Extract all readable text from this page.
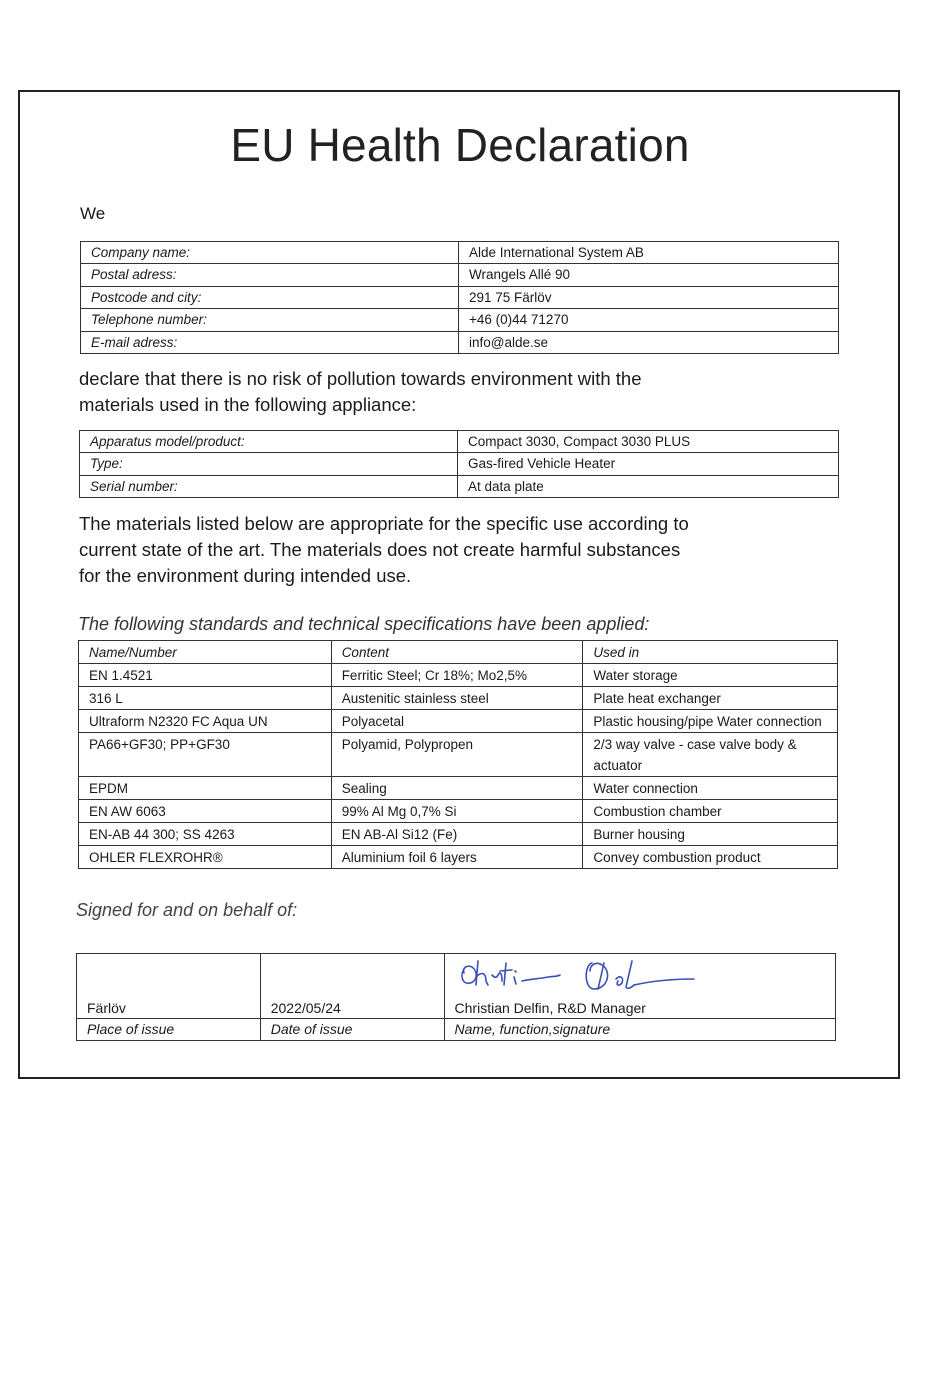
EU Health Declaration
We
Company name:	Alde International System AB
Postal adress:	Wrangels Allé 90
Postcode and city:	291 75 Färlöv
Telephone number:	+46 (0)44 71270
E-mail adress:	info@alde.se
declare that there is no risk of pollution towards environment with the
materials used in the following appliance:
Apparatus model/product:	Compact 3030, Compact 3030 PLUS
Type:	Gas-fired Vehicle Heater
Serial number:	At data plate
The materials listed below are appropriate for the specific use according to
current state of the art. The materials does not create harmful substances
for the environment during intended use.
The following standards and technical specifications have been applied:
Name/Number	Content	Used in
EN 1.4521	Ferritic Steel; Cr 18%; Mo2,5%	Water storage
316 L	Austenitic stainless steel	Plate heat exchanger
Ultraform N2320 FC Aqua UN	Polyacetal	Plastic housing/pipe Water connection
PA66+GF30; PP+GF30	Polyamid, Polypropen	2/3 way valve - case valve body & actuator
EPDM	Sealing	Water connection
EN AW 6063	99% Al Mg 0,7% Si	Combustion chamber
EN-AB 44 300; SS 4263	EN AB-Al Si12 (Fe)	Burner housing
OHLER FLEXROHR®	Aluminium foil 6 layers	Convey combustion product
Signed for and on behalf of:
Färlöv	2022/05/24	Christian Delfin, R&D Manager
Place of issue	Date of issue	Name, function,signature
